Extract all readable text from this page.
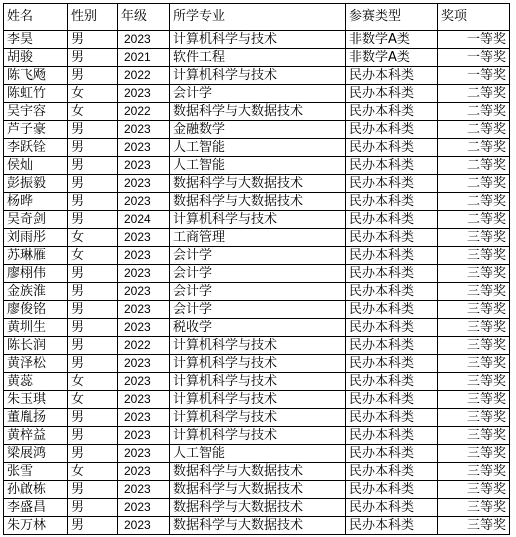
姓名	性别	年级	所学专业	参赛类型	奖项
李昊	男	2023	计算机科学与技术	非数学A类	一等奖
胡骏	男	2021	软件工程	非数学A类	一等奖
陈飞飏	男	2022	计算机科学与技术	民办本科类	一等奖
陈虹竹	女	2023	会计学	民办本科类	二等奖
吴宇容	女	2022	数据科学与大数据技术	民办本科类	二等奖
芦子豪	男	2023	金融数学	民办本科类	二等奖
李跃铨	男	2023	人工智能	民办本科类	二等奖
侯灿	男	2023	人工智能	民办本科类	二等奖
彭振毅	男	2023	数据科学与大数据技术	民办本科类	二等奖
杨晔	男	2023	数据科学与大数据技术	民办本科类	二等奖
吴奇剑	男	2024	计算机科学与技术	民办本科类	二等奖
刘雨彤	女	2023	工商管理	民办本科类	三等奖
苏琳雁	女	2023	会计学	民办本科类	三等奖
廖栩伟	男	2023	会计学	民办本科类	三等奖
金族淮	男	2023	会计学	民办本科类	三等奖
廖俊铭	男	2023	会计学	民办本科类	三等奖
黄圳生	男	2023	税收学	民办本科类	三等奖
陈长润	男	2022	计算机科学与技术	民办本科类	三等奖
黄泽松	男	2023	计算机科学与技术	民办本科类	三等奖
黄蕊	女	2023	计算机科学与技术	民办本科类	三等奖
朱玉琪	女	2023	计算机科学与技术	民办本科类	三等奖
董胤扬	男	2023	计算机科学与技术	民办本科类	三等奖
黄梓益	男	2023	计算机科学与技术	民办本科类	三等奖
梁展鸿	男	2023	人工智能	民办本科类	三等奖
张雪	女	2023	数据科学与大数据技术	民办本科类	三等奖
孙啟栋	男	2023	数据科学与大数据技术	民办本科类	三等奖
李盛昌	男	2023	数据科学与大数据技术	民办本科类	三等奖
朱万林	男	2023	数据科学与大数据技术	民办本科类	三等奖
